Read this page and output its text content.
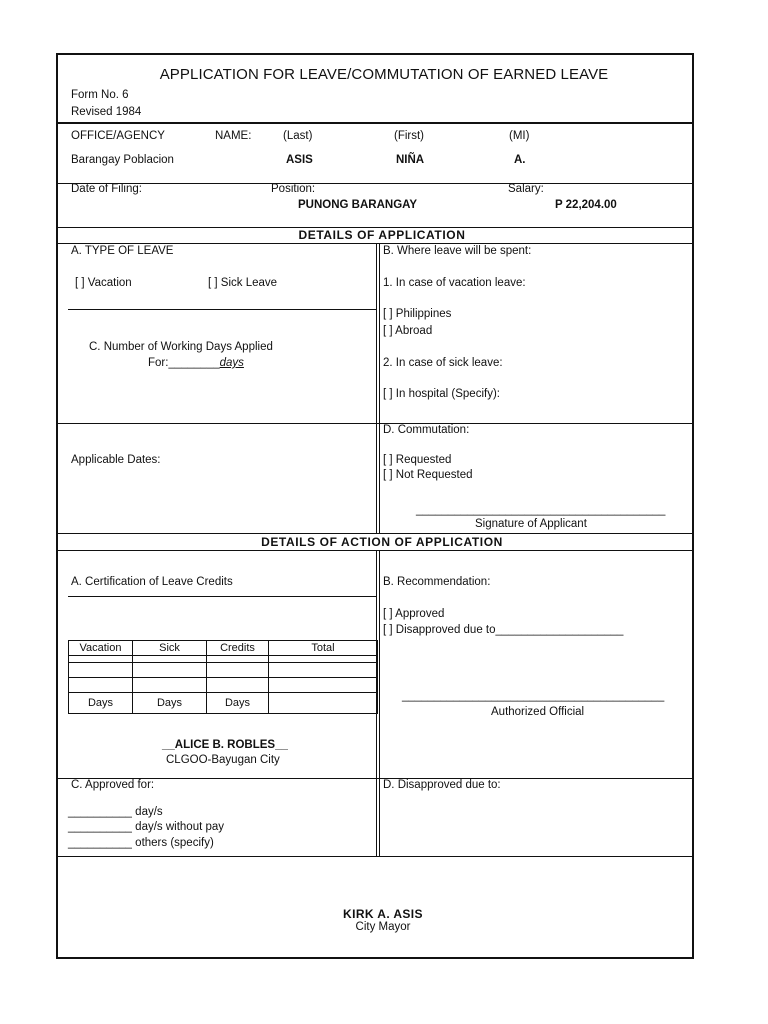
APPLICATION FOR LEAVE/COMMUTATION OF EARNED LEAVE
Form No. 6
Revised 1984
OFFICE/AGENCY	NAME:	(Last)	(First)	(MI)
Barangay Poblacion	ASIS	NIÑA	A.
Date of Filing:	Position:	Salary:
PUNONG BARANGAY	P 22,204.00
DETAILS OF APPLICATION
A. TYPE OF LEAVE
[ ] Vacation	[ ] Sick Leave
C. Number of Working Days Applied
For:________days
B. Where leave will be spent:
1. In case of vacation leave:
[ ] Philippines
[ ] Abroad
2. In case of sick leave:
[ ] In hospital (Specify):
Applicable Dates:
D. Commutation:
[ ] Requested
[ ] Not Requested
_______________________________________
Signature of Applicant
DETAILS OF ACTION OF APPLICATION
A. Certification of Leave Credits
Vacation	Sick	Credits	Total

Days	Days	Days	
__ALICE B. ROBLES__
CLGOO-Bayugan City
B. Recommendation:
[ ] Approved
[ ] Disapproved due to____________________
_________________________________________
Authorized Official
C. Approved for:
__________ day/s
__________ day/s without pay
__________ others (specify)
D. Disapproved due to:
KIRK A. ASIS
City Mayor
